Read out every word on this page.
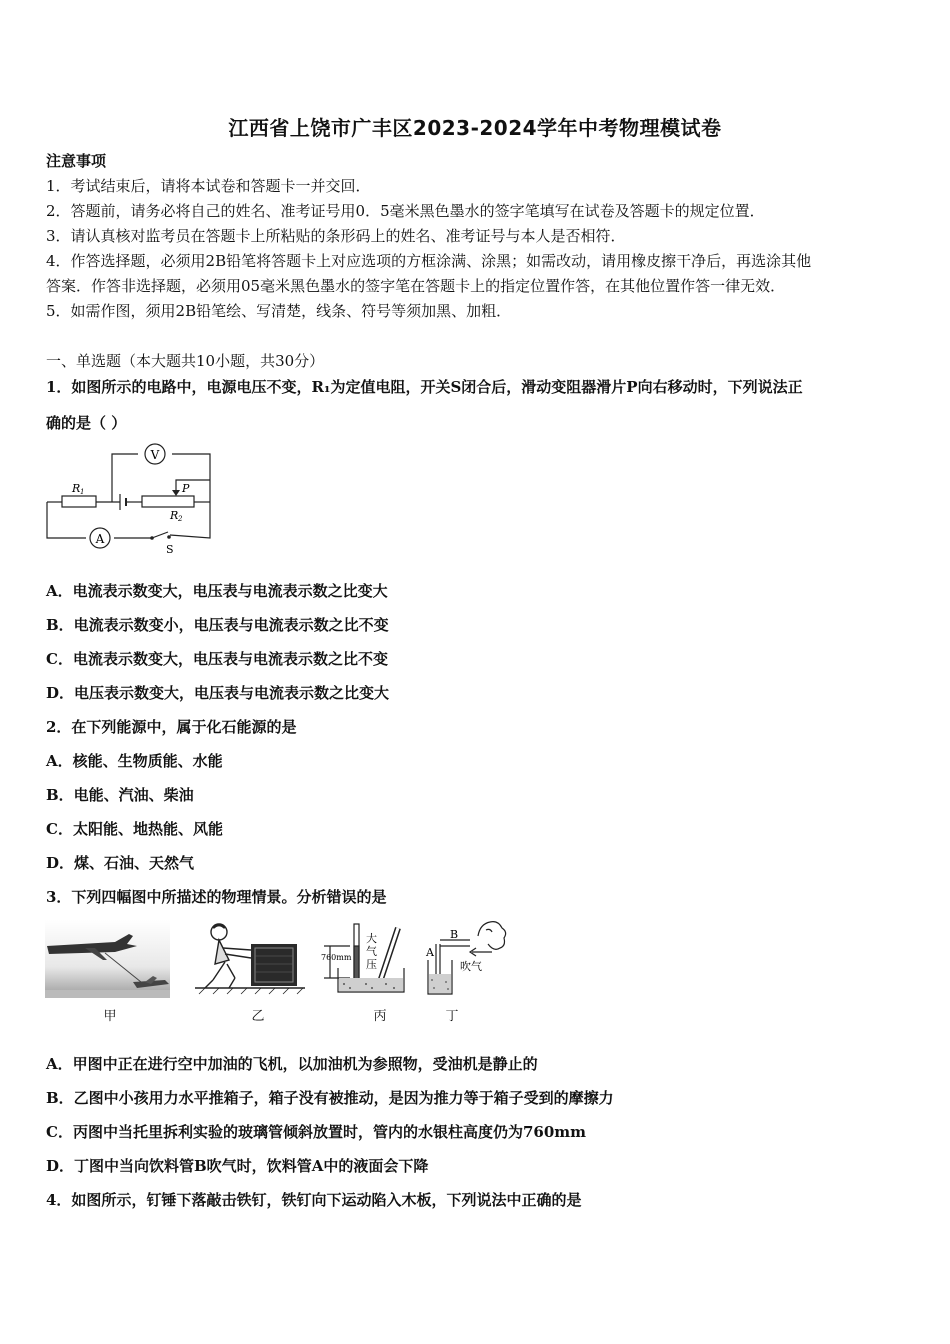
江西省上饶市广丰区2023-2024学年中考物理模试卷
注意事项
1．考试结束后，请将本试卷和答题卡一并交回．
2．答题前，请务必将自己的姓名、准考证号用0．5毫米黑色墨水的签字笔填写在试卷及答题卡的规定位置．
3．请认真核对监考员在答题卡上所粘贴的条形码上的姓名、准考证号与本人是否相符．
4．作答选择题，必须用2B铅笔将答题卡上对应选项的方框涂满、涂黑；如需改动，请用橡皮擦干净后，再选涂其他
答案．作答非选择题，必须用05毫米黑色墨水的签字笔在答题卡上的指定位置作答，在其他位置作答一律无效．
5．如需作图，须用2B铅笔绘、写清楚，线条、符号等须加黑、加粗．
一、单选题（本大题共10小题，共30分）
1．如图所示的电路中，电源电压不变，R₁为定值电阻，开关S闭合后，滑动变阻器滑片P向右移动时，下列说法正
确的是（ ）
V
A
R 1	P
R 2
S
A．电流表示数变大，电压表与电流表示数之比变大
B．电流表示数变小，电压表与电流表示数之比不变
C．电流表示数变大，电压表与电流表示数之比不变
D．电压表示数变大，电压表与电流表示数之比变大
2．在下列能源中，属于化石能源的是
A．核能、生物质能、水能
B．电能、汽油、柴油
C．太阳能、地热能、风能
D．煤、石油、天然气
3．下列四幅图中所描述的物理情景。分析错误的是
甲	乙
760mm
大
气
压
丙
A
B
吹气
丁
A．甲图中正在进行空中加油的飞机，以加油机为参照物，受油机是静止的
B．乙图中小孩用力水平推箱子，箱子没有被推动，是因为推力等于箱子受到的摩擦力
C．丙图中当托里拆利实验的玻璃管倾斜放置时，管内的水银柱高度仍为760mm
D．丁图中当向饮料管B吹气时，饮料管A中的液面会下降
4．如图所示，钉锤下落敲击铁钉，铁钉向下运动陷入木板，下列说法中正确的是
